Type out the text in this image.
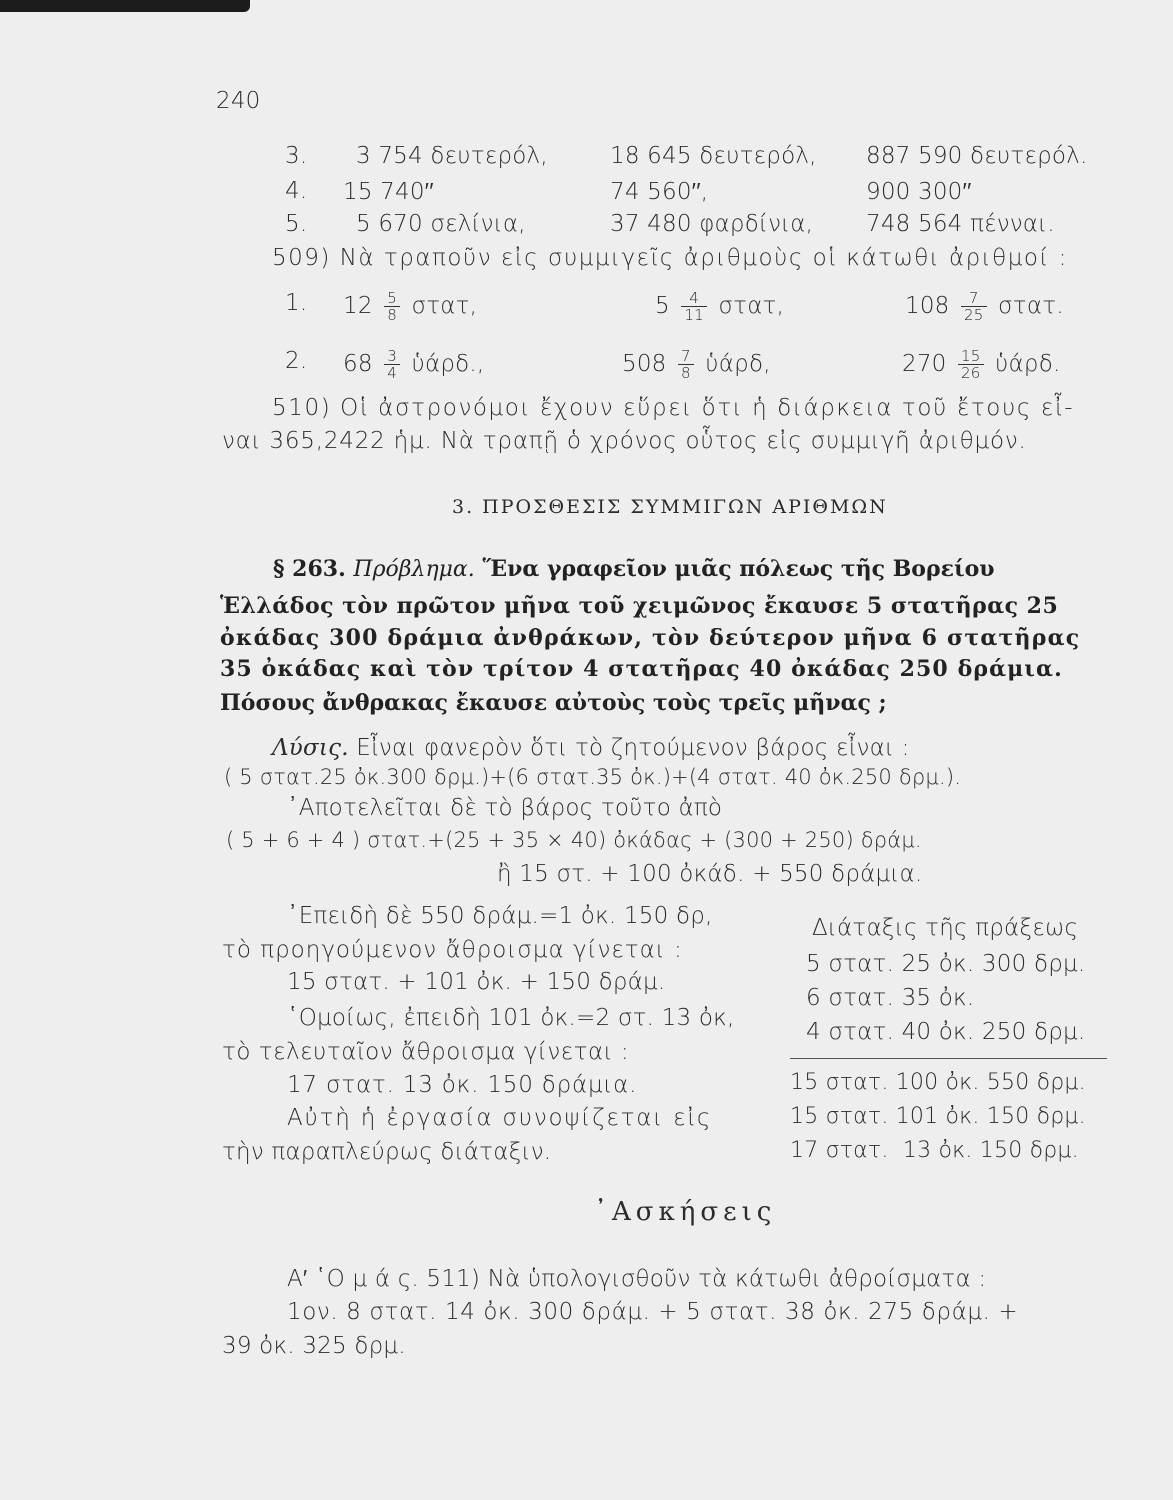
240
3. 3 754 δευτερόλ,	18 645 δευτερόλ, 887 590 δευτερόλ.
4. 15 740′′	74 560′′,	900 300′′
5. 5 670 σελίνια,	37 480 φαρδίνια, 748 564 πένναι.
509) Νὰ τραποῦν εἰς συμμιγεῖς ἀριθμοὺς οἱ κάτωθι ἀριθμοί :
1. $12 \frac{5}{8} \sigma\tau\alpha\tau$,	$5 \frac{4}{11} \sigma\tau\alpha\tau$,	$108 \frac{7}{25} \sigma\tau\alpha\tau$.
2. $68 \frac{3}{4}$ ὑάρδ.,	$508 \frac{7}{8}$ ὑάρδ,	$270 \frac{15}{26}$ ὑάρδ.
510) Οἱ ἀστρονόμοι ἔχουν εὕρει ὅτι ἡ διάρκεια τοῦ ἔτους εἶ-
ναι 365,2422 ἡμ. Νὰ τραπῇ ὁ χρόνος οὗτος εἰς συμμιγῆ ἀριθμόν.
3. ΠΡΟΣΘΕΣΙΣ ΣΥΜΜΙΓΩΝ ΑΡΙΘΜΩΝ
§ 263. Πρόβλημα. Ἕνα γραφεῖον μιᾶς πόλεως τῆς Βορείου
Ἑλλάδος τὸν πρῶτον μῆνα τοῦ χειμῶνος ἔκαυσε 5 στατῆρας 25
ὀκάδας 300 δράμια ἀνθράκων, τὸν δεύτερον μῆνα 6 στατῆρας
35 ὀκάδας καὶ τὸν τρίτον 4 στατῆρας 40 ὀκάδας 250 δράμια.
Πόσους ἄνθρακας ἔκαυσε αὐτοὺς τοὺς τρεῖς μῆνας ;
Λύσις. Εἶναι φανερὸν ὅτι τὸ ζητούμενον βάρος εἶναι :
( 5 στατ.25 ὀκ.300 δρμ.)+(6 στατ.35 ὀκ.)+(4 στατ. 40 ὀκ.250 δρμ.).
᾽Αποτελεῖται δὲ τὸ βάρος τοῦτο ἀπὸ
( 5 + 6 + 4 ) στατ.+(25 + 35 × 40) ὀκάδας + (300 + 250) δράμ.
ἢ 15 στ. + 100 ὀκάδ. + 550 δράμια.
᾽Επειδὴ δὲ 550 δράμ.=1 ὀκ. 150 δρ,
τὸ προηγούμενον ἄθροισμα γίνεται :
15 στατ. + 101 ὀκ. + 150 δράμ.
῾Ομοίως, ἐπειδὴ 101 ὀκ.=2 στ. 13 ὀκ,
τὸ τελευταῖον ἄθροισμα γίνεται :
17 στατ. 13 ὀκ. 150 δράμια.
Αὐτὴ ἡ ἐργασία συνοψίζεται εἰς
τὴν παραπλεύρως διάταξιν.
Διάταξις τῆς πράξεως
5 στατ. 25 ὀκ. 300 δρμ.
6 στατ. 35 ὀκ.
4 στατ. 40 ὀκ. 250 δρμ.
15 στατ. 100 ὀκ. 550 δρμ.
15 στατ. 101 ὀκ. 150 δρμ.
17 στατ.  13 ὀκ. 150 δρμ.
᾽Ασκήσεις
Α′ ῾Ο μ ά ς. 511) Νὰ ὑπολογισθοῦν τὰ κάτωθι ἀθροίσματα :
1ον. 8 στατ. 14 ὀκ. 300 δράμ. + 5 στατ. 38 ὀκ. 275 δράμ. +
39 ὀκ. 325 δρμ.
